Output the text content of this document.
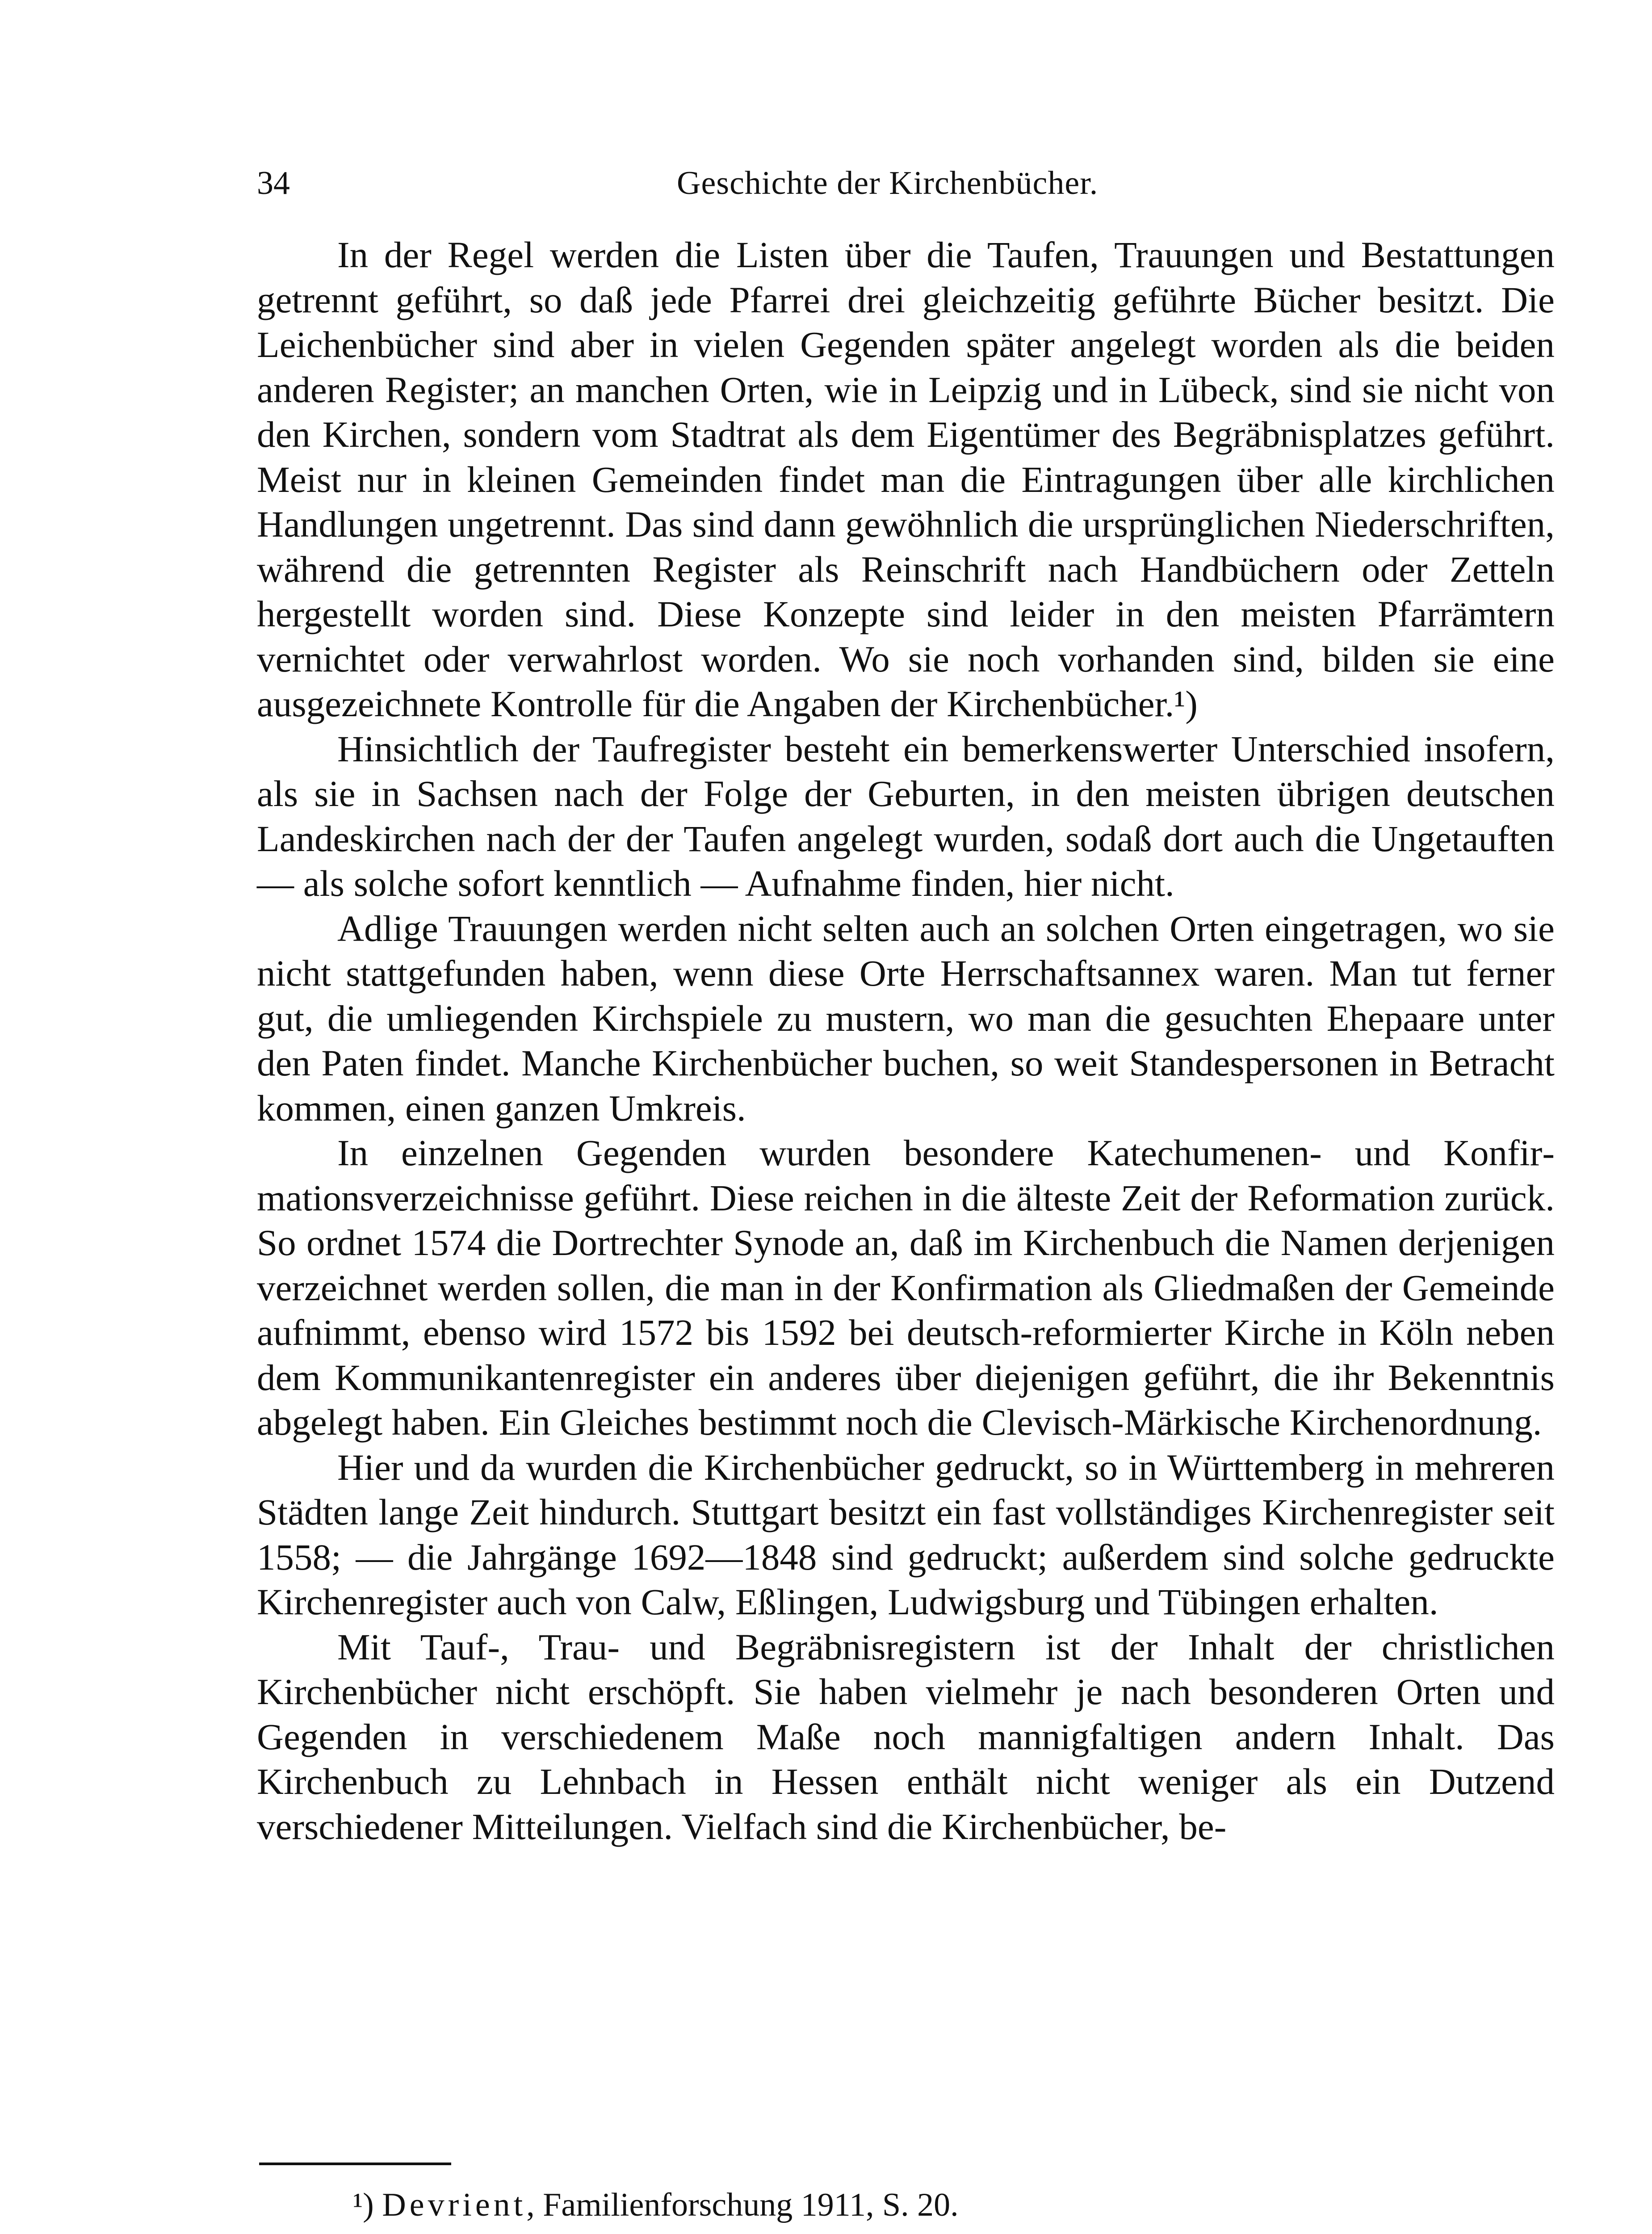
34	Geschichte der Kirchenbücher.

In der Regel werden die Listen über die Taufen, Trauungen und Bestattungen getrennt geführt, so daß jede Pfarrei drei gleichzeitig geführte Bücher besitzt. Die Leichenbücher sind aber in vielen Gegenden später angelegt worden als die beiden anderen Register; an manchen Orten, wie in Leipzig und in Lübeck, sind sie nicht von den Kirchen, sondern vom Stadtrat als dem Eigentümer des Begräbnisplatzes geführt. Meist nur in kleinen Gemeinden findet man die Eintragungen über alle kirchlichen Handlungen ungetrennt. Das sind dann gewöhnlich die ursprünglichen Niederschriften, während die getrennten Register als Reinschrift nach Handbüchern oder Zetteln hergestellt worden sind. Diese Konzepte sind leider in den meisten Pfarrämtern vernichtet oder verwahrlost worden. Wo sie noch vorhanden sind, bilden sie eine ausgezeichnete Kontrolle für die Angaben der Kirchenbücher.¹)

Hinsichtlich der Taufregister besteht ein bemerkenswerter Unterschied insofern, als sie in Sachsen nach der Folge der Geburten, in den meisten übrigen deutschen Landeskirchen nach der der Taufen angelegt wurden, sodaß dort auch die Ungetauften — als solche sofort kenntlich — Aufnahme finden, hier nicht.

Adlige Trauungen werden nicht selten auch an solchen Orten eingetragen, wo sie nicht stattgefunden haben, wenn diese Orte Herrschaftsannex waren. Man tut ferner gut, die umliegenden Kirchspiele zu mustern, wo man die gesuchten Ehepaare unter den Paten findet. Manche Kirchenbücher buchen, so weit Standespersonen in Betracht kommen, einen ganzen Umkreis.

In einzelnen Gegenden wurden besondere Katechumenen- und Konfirmationsverzeichnisse geführt. Diese reichen in die älteste Zeit der Reformation zurück. So ordnet 1574 die Dortrechter Synode an, daß im Kirchenbuch die Namen derjenigen verzeichnet werden sollen, die man in der Konfirmation als Gliedmaßen der Gemeinde aufnimmt, ebenso wird 1572 bis 1592 bei deutsch-reformierter Kirche in Köln neben dem Kommunikantenregister ein anderes über diejenigen geführt, die ihr Bekenntnis abgelegt haben. Ein Gleiches bestimmt noch die Clevisch-Märkische Kirchenordnung.

Hier und da wurden die Kirchenbücher gedruckt, so in Württemberg in mehreren Städten lange Zeit hindurch. Stuttgart besitzt ein fast vollständiges Kirchenregister seit 1558; — die Jahrgänge 1692—1848 sind gedruckt; außerdem sind solche gedruckte Kirchenregister auch von Calw, Eßlingen, Ludwigsburg und Tübingen erhalten.

Mit Tauf-, Trau- und Begräbnisregistern ist der Inhalt der christlichen Kirchenbücher nicht erschöpft. Sie haben vielmehr je nach besonderen Orten und Gegenden in verschiedenem Maße noch mannigfaltigen andern Inhalt. Das Kirchenbuch zu Lehnbach in Hessen enthält nicht weniger als ein Dutzend verschiedener Mitteilungen. Vielfach sind die Kirchenbücher, be-

¹) Devrient, Familienforschung 1911, S. 20.
